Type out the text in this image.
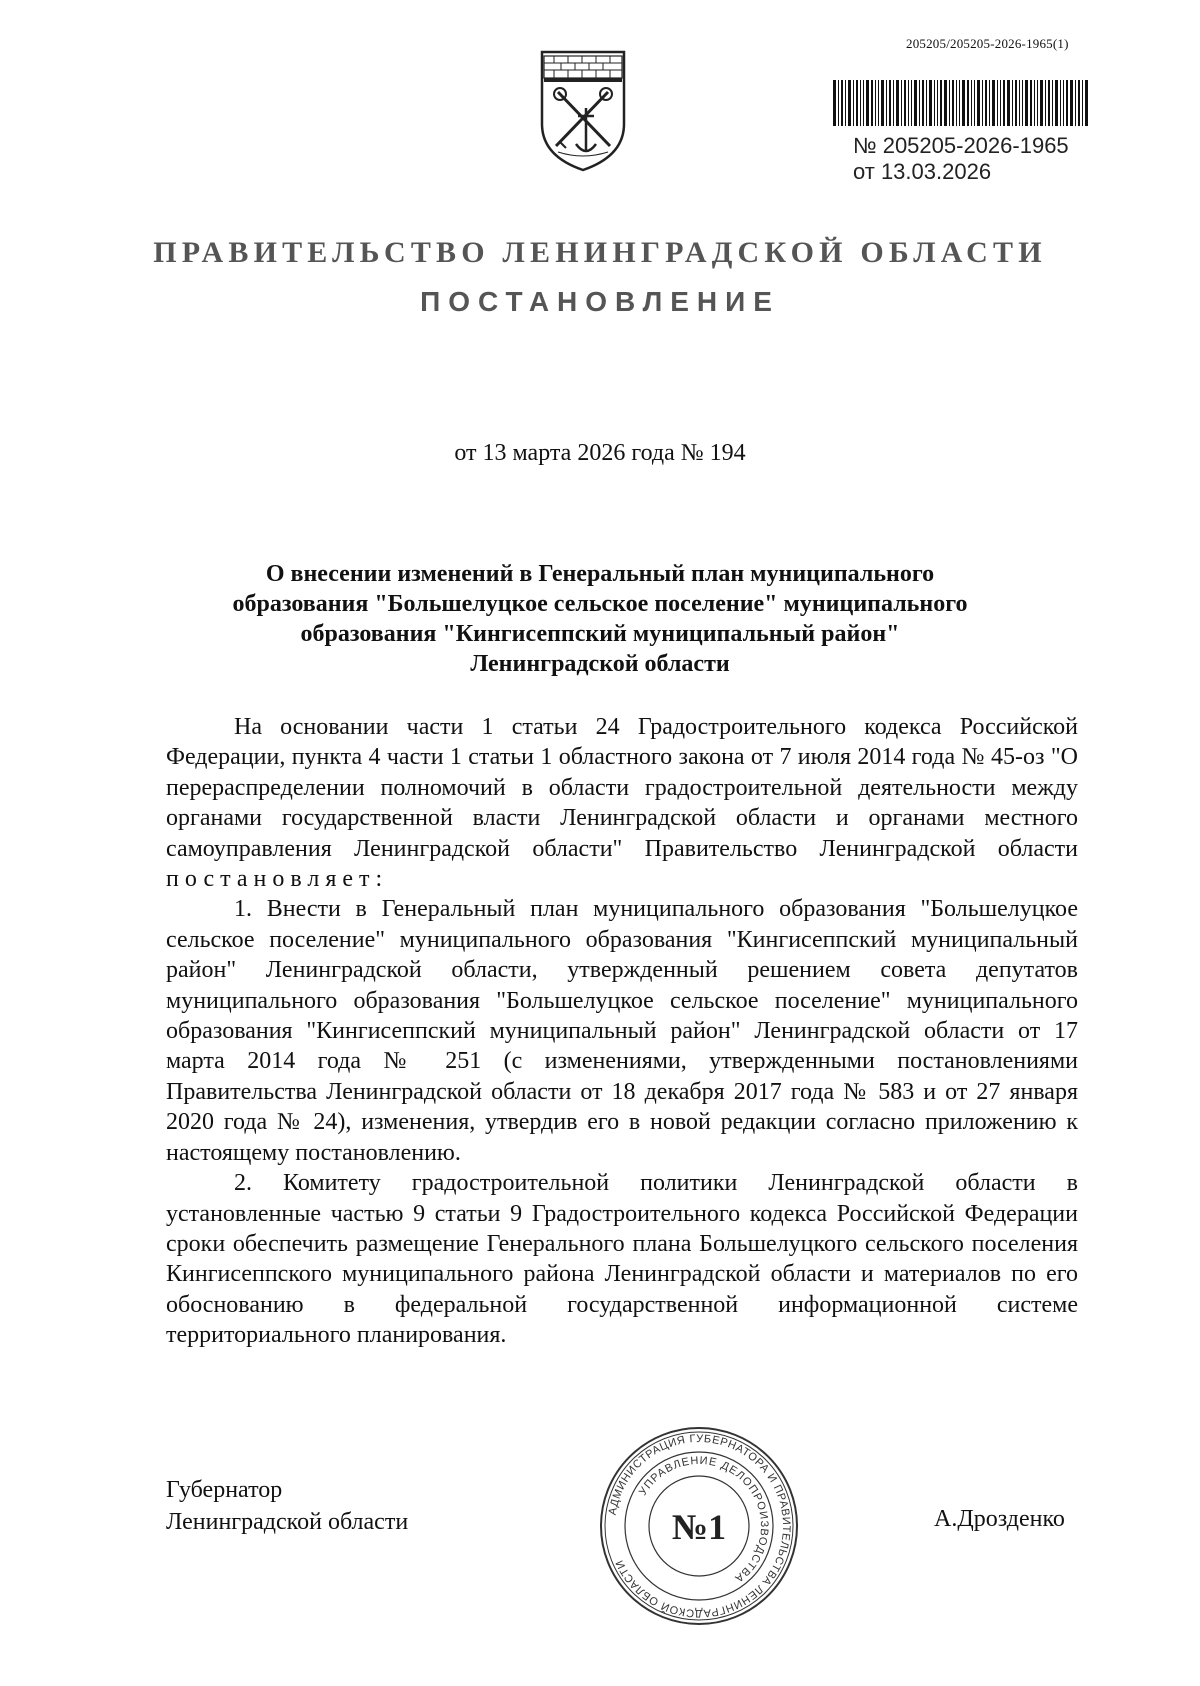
205205/205205-2026-1965(1)
№ 205205-2026-1965
от 13.03.2026
ПРАВИТЕЛЬСТВО ЛЕНИНГРАДСКОЙ ОБЛАСТИ
ПОСТАНОВЛЕНИЕ
от 13 марта 2026 года № 194
О внесении изменений в Генеральный план муниципального образования "Большелуцкое сельское поселение" муниципального образования "Кингисеппский муниципальный район" Ленинградской области

На основании части 1 статьи 24 Градостроительного кодекса Российской Федерации, пункта 4 части 1 статьи 1 областного закона от 7 июля 2014 года № 45-оз "О перераспределении полномочий в области градостроительной деятельности между органами государственной власти Ленинградской области и органами местного самоуправления Ленинградской области" Правительство Ленинградской области постановляет:

1. Внести в Генеральный план муниципального образования "Большелуцкое сельское поселение" муниципального образования "Кингисеппский муниципальный район" Ленинградской области, утвержденный решением совета депутатов муниципального образования "Большелуцкое сельское поселение" муниципального образования "Кингисеппский муниципальный район" Ленинградской области от 17 марта 2014 года № 251 (с изменениями, утвержденными постановлениями Правительства Ленинградской области от 18 декабря 2017 года № 583 и от 27 января 2020 года № 24), изменения, утвердив его в новой редакции согласно приложению к настоящему постановлению.

2. Комитету градостроительной политики Ленинградской области в установленные частью 9 статьи 9 Градостроительного кодекса Российской Федерации сроки обеспечить размещение Генерального плана Большелуцкого сельского поселения Кингисеппского муниципального района Ленинградской области и материалов по его обоснованию в федеральной государственной информационной системе территориального планирования.

Губернатор
Ленинградской области	А.Дрозденко
АДМИНИСТРАЦИЯ ГУБЕРНАТОРА И ПРАВИТЕЛЬСТВА ЛЕНИНГРАДСКОЙ ОБЛАСТИ
УПРАВЛЕНИЕ ДЕЛОПРОИЗВОДСТВА
№1
